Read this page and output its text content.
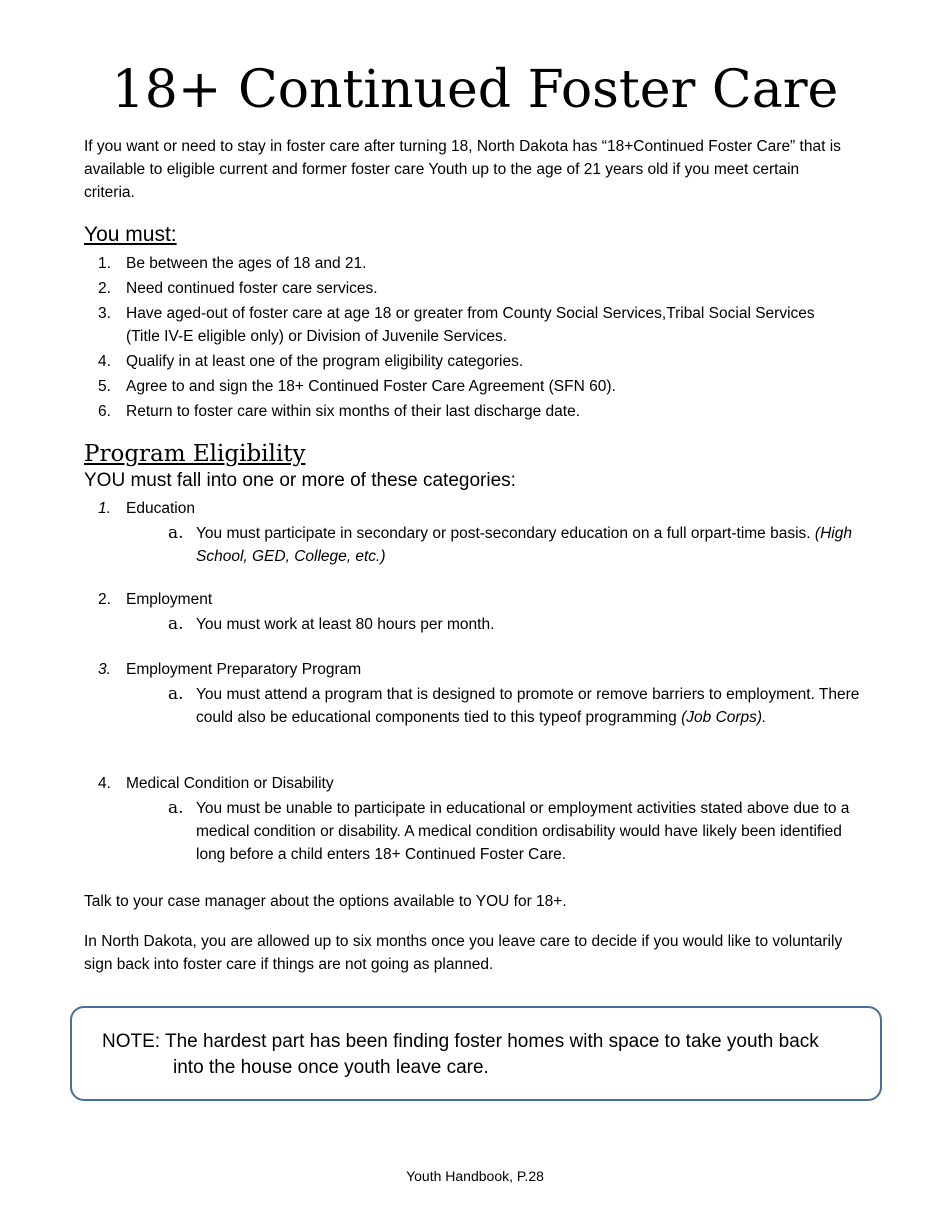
18+ Continued Foster Care

If you want or need to stay in foster care after turning 18, North Dakota has “18+Continued Foster Care” that is available to eligible current and former foster care Youth up to the age of 21 years old if you meet certain criteria.

You must:
1. Be between the ages of 18 and 21.
2. Need continued foster care services.
3. Have aged-out of foster care at age 18 or greater from County Social Services,Tribal Social Services (Title IV-E eligible only) or Division of Juvenile Services.
4. Qualify in at least one of the program eligibility categories.
5. Agree to and sign the 18+ Continued Foster Care Agreement (SFN 60).
6. Return to foster care within six months of their last discharge date.
Program Eligibility

YOU must fall into one or more of these categories:

1. Education
a. You must participate in secondary or post-secondary education on a full orpart-time basis. (High School, GED, College, etc.)
2. Employment
a. You must work at least 80 hours per month.
3. Employment Preparatory Program
a. You must attend a program that is designed to promote or remove barriers to employment. There could also be educational components tied to this typeof programming (Job Corps).
4. Medical Condition or Disability
a. You must be unable to participate in educational or employment activities stated above due to a medical condition or disability. A medical condition ordisability would have likely been identified long before a child enters 18+ Continued Foster Care.

Talk to your case manager about the options available to YOU for 18+.

In North Dakota, you are allowed up to six months once you leave care to decide if you would like to voluntarily sign back into foster care if things are not going as planned.

NOTE: The hardest part has been finding foster homes with space to take youth back into the house once youth leave care.

Youth Handbook, P.28
